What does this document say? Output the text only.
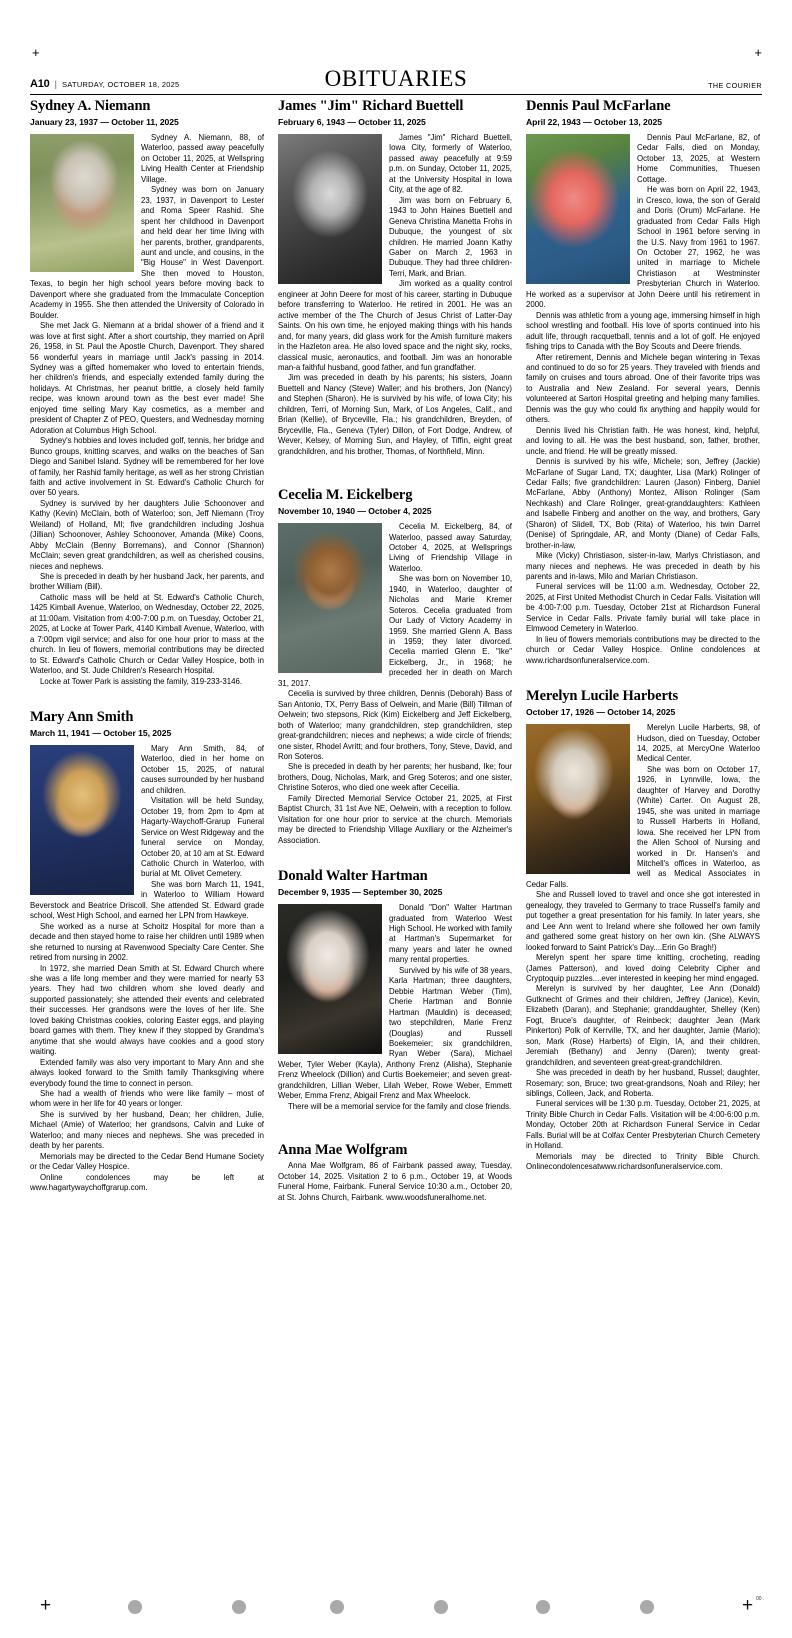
+	+
A10 | SATURDAY, OCTOBER 18, 2025	OBITUARIES	THE COURIER
Sydney A. Niemann
January 23, 1937 — October 11, 2025

Sydney A. Niemann, 88, of Waterloo, passed away peacefully on October 11, 2025, at Wellspring Living Health Center at Friendship Village.

Sydney was born on January 23, 1937, in Davenport to Lester and Roma Speer Rashid. She spent her childhood in Davenport and held dear her time living with her parents, brother, grandparents, aunt and uncle, and cousins, in the "Big House" in West Davenport. She then moved to Houston, Texas, to begin her high school years before moving back to Davenport where she graduated from the Immaculate Conception Academy in 1955. She then attended the University of Colorado in Boulder.

She met Jack G. Niemann at a bridal shower of a friend and it was love at first sight. After a short courtship, they married on April 26, 1958, in St. Paul the Apostle Church, Davenport. They shared 56 wonderful years in marriage until Jack's passing in 2014. Sydney was a gifted homemaker who loved to entertain friends, her children's friends, and especially extended family during the holidays. At Christmas, her peanut brittle, a closely held family recipe, was known around town as the best ever made! She enjoyed time selling Mary Kay cosmetics, as a member and president of Chapter Z of PEO, Questers, and Wednesday morning Adoration at Columbus High School.

Sydney's hobbies and loves included golf, tennis, her bridge and Bunco groups, knitting scarves, and walks on the beaches of San Diego and Sanibel Island. Sydney will be remembered for her love of family, her Rashid family heritage, as well as her strong Christian faith and active involvement in St. Edward's Catholic Church for over 50 years.

Sydney is survived by her daughters Julie Schoonover and Kathy (Kevin) McClain, both of Waterloo; son, Jeff Niemann (Troy Weiland) of Holland, MI; five grandchildren including Joshua (Jillian) Schoonover, Ashley Schoonover, Amanda (Mike) Coons, Abby McClain (Benny Borremans), and Connor (Shannon) McClain; seven great grandchildren, as well as cherished cousins, nieces and nephews.

She is preceded in death by her husband Jack, her parents, and brother William (Bill).

Catholic mass will be held at St. Edward's Catholic Church, 1425 Kimball Avenue, Waterloo, on Wednesday, October 22, 2025, at 11:00am. Visitation from 4:00-7:00 p.m. on Tuesday, October 21, 2025, at Locke at Tower Park, 4140 Kimball Avenue, Waterloo, with a 7:00pm vigil service; and also for one hour prior to mass at the church. In lieu of flowers, memorial contributions may be directed to St. Edward's Catholic Church or Cedar Valley Hospice, both in Waterloo, and St. Jude Children's Research Hospital.

Locke at Tower Park is assisting the family, 319-233-3146.

Mary Ann Smith
March 11, 1941 — October 15, 2025

Mary Ann Smith, 84, of Waterloo, died in her home on October 15, 2025, of natural causes surrounded by her husband and children.

Visitation will be held Sunday, October 19, from 2pm to 4pm at Hagarty-Waychoff-Grarup Funeral Service on West Ridgeway and the funeral service on Monday, October 20, at 10 am at St. Edward Catholic Church in Waterloo, with burial at Mt. Olivet Cemetery.

She was born March 11, 1941, in Waterloo to William Howard Beverstock and Beatrice Driscoll. She attended St. Edward grade school, West High School, and earned her LPN from Hawkeye.

She worked as a nurse at Schoitz Hospital for more than a decade and then stayed home to raise her children until 1989 when she returned to nursing at Ravenwood Specialty Care Center. She retired from nursing in 2002.

In 1972, she married Dean Smith at St. Edward Church where she was a life long member and they were married for nearly 53 years. They had two children whom she loved dearly and supported passionately; she attended their events and celebrated their successes. Her grandsons were the loves of her life. She loved baking Christmas cookies, coloring Easter eggs, and playing board games with them. They knew if they stopped by Grandma's anytime that she would always have cookies and a good story waiting.

Extended family was also very important to Mary Ann and she always looked forward to the Smith family Thanksgiving where everybody found the time to connect in person.

She had a wealth of friends who were like family – most of whom were in her life for 40 years or longer.

She is survived by her husband, Dean; her children, Julie, Michael (Amie) of Waterloo; her grandsons, Calvin and Luke of Waterloo; and many nieces and nephews. She was preceded in death by her parents.

Memorials may be directed to the Cedar Bend Humane Society or the Cedar Valley Hospice.

Online condolences may be left at www.hagartywaychoffgrarup.com.

James "Jim" Richard Buettell
February 6, 1943 — October 11, 2025

James "Jim" Richard Buettell, Iowa City, formerly of Waterloo, passed away peacefully at 9:59 p.m. on Sunday, October 11, 2025, at the University Hospital in Iowa City, at the age of 82.

Jim was born on February 6, 1943 to John Haines Buettell and Geneva Christina Manetta Frohs in Dubuque, the youngest of six children. He married Joann Kathy Gaber on March 2, 1963 in Dubuque. They had three children-Terri, Mark, and Brian.

Jim worked as a quality control engineer at John Deere for most of his career, starting in Dubuque before transferring to Waterloo. He retired in 2001. He was an active member of the The Church of Jesus Christ of Latter-Day Saints. On his own time, he enjoyed making things with his hands and, for many years, did glass work for the Amish furniture makers in the Hazleton area. He also loved space and the night sky, rocks, classical music, aeronautics, and football. Jim was an honorable man-a faithful husband, good father, and fun grandfather.

Jim was preceded in death by his parents; his sisters, Joann Buettell and Nancy (Steve) Waller; and his brothers, Jon (Nancy) and Stephen (Sharon). He is survived by his wife, of Iowa City; his children, Terri, of Morning Sun, Mark, of Los Angeles, Calif., and Brian (Kellie), of Bryceville, Fla.; his grandchildren, Breyden, of Bryceville, Fla., Geneva (Tyler) Dillon, of Fort Dodge, Andrew, of Wever, Kelsey, of Morning Sun, and Hayley, of Tiffin, eight great grandchildren, and his brother, Thomas, of Northfield, Minn.

Cecelia M. Eickelberg
November 10, 1940 — October 4, 2025

Cecelia M. Eickelberg, 84, of Waterloo, passed away Saturday, October 4, 2025, at Wellsprings Living of Friendship Village in Waterloo.

She was born on November 10, 1940, in Waterloo, daughter of Nicholas and Marie Kremer Soteros. Cecelia graduated from Our Lady of Victory Academy in 1959. She married Glenn A. Bass in 1959; they later divorced. Cecelia married Glenn E. "Ike" Eickelberg, Jr., in 1968; he preceded her in death on March 31, 2017.

Cecelia is survived by three children, Dennis (Deborah) Bass of San Antonio, TX, Perry Bass of Oelwein, and Marie (Bill) Tillman of Oelwein; two stepsons, Rick (Kim) Eickelberg and Jeff Eickelberg, both of Waterloo; many grandchildren, step grandchildren, step great-grandchildren; nieces and nephews; a wide circle of friends; one sister, Rhodel Avritt; and four brothers, Tony, Steve, David, and Ron Soteros.

She is preceded in death by her parents; her husband, Ike; four brothers, Doug, Nicholas, Mark, and Greg Soteros; and one sister, Christine Soteros, who died one week after Ceceilia.

Family Directed Memorial Service October 21, 2025, at First Baptist Church, 31 1st Ave NE, Oelwein, with a reception to follow. Visitation for one hour prior to service at the church. Memorials may be directed to Friendship Village Auxiliary or the Alzheimer's Association.

Donald Walter Hartman
December 9, 1935 — September 30, 2025

Donald "Don" Walter Hartman graduated from Waterloo West High School. He worked with family at Hartman's Supermarket for many years and later he owned many rental properties.

Survived by his wife of 38 years, Karla Hartman; three daughters, Debbie Hartman Weber (Tim), Cherie Hartman and Bonnie Hartman (Mauldin) is deceased; two stepchildren, Marie Frenz (Douglas) and Russell Boekemeier; six grandchildren, Ryan Weber (Sara), Michael Weber, Tyler Weber (Kayla), Anthony Frenz (Alisha), Stephanie Frenz Wheelock (Dillion) and Curtis Boekemeier; and seven great-grandchildren, Lillian Weber, Lilah Weber, Rowe Weber, Emmett Weber, Emma Frenz, Abigail Frenz and Max Wheelock.

There will be a memorial service for the family and close friends.

Anna Mae Wolfgram

Anna Mae Wolfgram, 86 of Fairbank passed away, Tuesday, October 14, 2025. Visitation 2 to 6 p.m., October 19, at Woods Funeral Home, Fairbank. Funeral Service 10:30 a.m., October 20, at St. Johns Church, Fairbank. www.woodsfuneralhome.net.

Dennis Paul McFarlane
April 22, 1943 — October 13, 2025

Dennis Paul McFarlane, 82, of Cedar Falls, died on Monday, October 13, 2025, at Western Home Communities, Thuesen Cottage.

He was born on April 22, 1943, in Cresco, Iowa, the son of Gerald and Doris (Orum) McFarlane. He graduated from Cedar Falls High School in 1961 before serving in the U.S. Navy from 1961 to 1967. On October 27, 1962, he was united in marriage to Michele Christiason at Westminster Presbyterian Church in Waterloo. He worked as a supervisor at John Deere until his retirement in 2000.

Dennis was athletic from a young age, immersing himself in high school wrestling and football. His love of sports continued into his adult life, through racquetball, tennis and a lot of golf. He enjoyed fishing trips to Canada with the Boy Scouts and Deere friends.

After retirement, Dennis and Michele began wintering in Texas and continued to do so for 25 years. They traveled with friends and family on cruises and tours abroad. One of their favorite trips was to Australia and New Zealand. For several years, Dennis volunteered at Sartori Hospital greeting and helping many families. Dennis was the guy who could fix anything and happily would for others.

Dennis lived his Christian faith. He was honest, kind, helpful, and loving to all. He was the best husband, son, father, brother, uncle, and friend. He will be greatly missed.

Dennis is survived by his wife, Michele; son, Jeffrey (Jackie) McFarlane of Sugar Land, TX; daughter, Lisa (Mark) Rolinger of Cedar Falls; five grandchildren: Lauren (Jason) Finberg, Daniel McFarlane, Abby (Anthony) Montez, Allison Rolinger (Sam Nechkash) and Clare Rolinger, great-granddaughters: Kathleen and Isabelle Finberg and another on the way, and brothers, Gary (Sharon) of Slidell, TX, Bob (Rita) of Waterloo, his twin Darrel (Denise) of Springdale, AR, and Monty (Diane) of Cedar Falls, brother-in-law,

Mike (Vicky) Christiason, sister-in-law, Marlys Christiason, and many nieces and nephews. He was preceded in death by his parents and in-laws, Milo and Marian Christiason.

Funeral services will be 11:00 a.m. Wednesday, October 22, 2025, at First United Methodist Church in Cedar Falls. Visitation will be 4:00-7:00 p.m. Tuesday, October 21st at Richardson Funeral Service in Cedar Falls. Private family burial will take place in Elmwood Cemetery in Waterloo.

In lieu of flowers memorials contributions may be directed to the church or Cedar Valley Hospice. Online condolences at www.richardsonfuneralservice.com.

Merelyn Lucile Harberts
October 17, 1926 — October 14, 2025

Merelyn Lucile Harberts, 98, of Hudson, died on Tuesday, October 14, 2025, at MercyOne Waterloo Medical Center.

She was born on October 17, 1926, in Lynnville, Iowa, the daughter of Harvey and Dorothy (White) Carter. On August 28, 1945, she was united in marriage to Russell Harberts in Holland, Iowa. She received her LPN from the Allen School of Nursing and worked in Dr. Hansen's and Mitchell's offices in Waterloo, as well as Medical Associates in Cedar Falls.

She and Russell loved to travel and once she got interested in genealogy, they traveled to Germany to trace Russell's family and put together a great presentation for his family. In later years, she and Lee Ann went to Ireland where she followed her own family and gathered some great history on her own kin. (She ALWAYS looked forward to Saint Patrick's Day....Erin Go Bragh!)

Merelyn spent her spare time knitting, crocheting, reading (James Patterson), and loved doing Celebrity Cipher and Cryptoquip puzzles....ever interested in keeping her mind engaged.

Merelyn is survived by her daughter, Lee Ann (Donald) Gutknecht of Grimes and their children, Jeffrey (Janice), Kevin, Elizabeth (Daran), and Stephanie; granddaughter, Shelley (Ken) Fogt, Bruce's daughter, of Reinbeck; daughter Jean (Mark Pinkerton) Polk of Kerrville, TX, and her daughter, Jamie (Mario); son, Mark (Rose) Harberts) of Elgin, IA, and their children, Jeremiah (Bethany) and Jenny (Daren); twenty great-grandchildren, and seventeen great-great-grandchildren.

She was preceded in death by her husband, Russel; daughter, Rosemary; son, Bruce; two great-grandsons, Noah and Riley; her siblings, Colleen, Jack, and Roberta.

Funeral services will be 1:30 p.m. Tuesday, October 21, 2025, at Trinity Bible Church in Cedar Falls. Visitation will be 4:00-6:00 p.m. Monday, October 20th at Richardson Funeral Service in Cedar Falls. Burial will be at Colfax Center Presbyterian Church Cemetery in Holland.

Memorials may be directed to Trinity Bible Church. Onlinecondolencesatwww.richardsonfuneralservice.com.

+	+ 00 .
